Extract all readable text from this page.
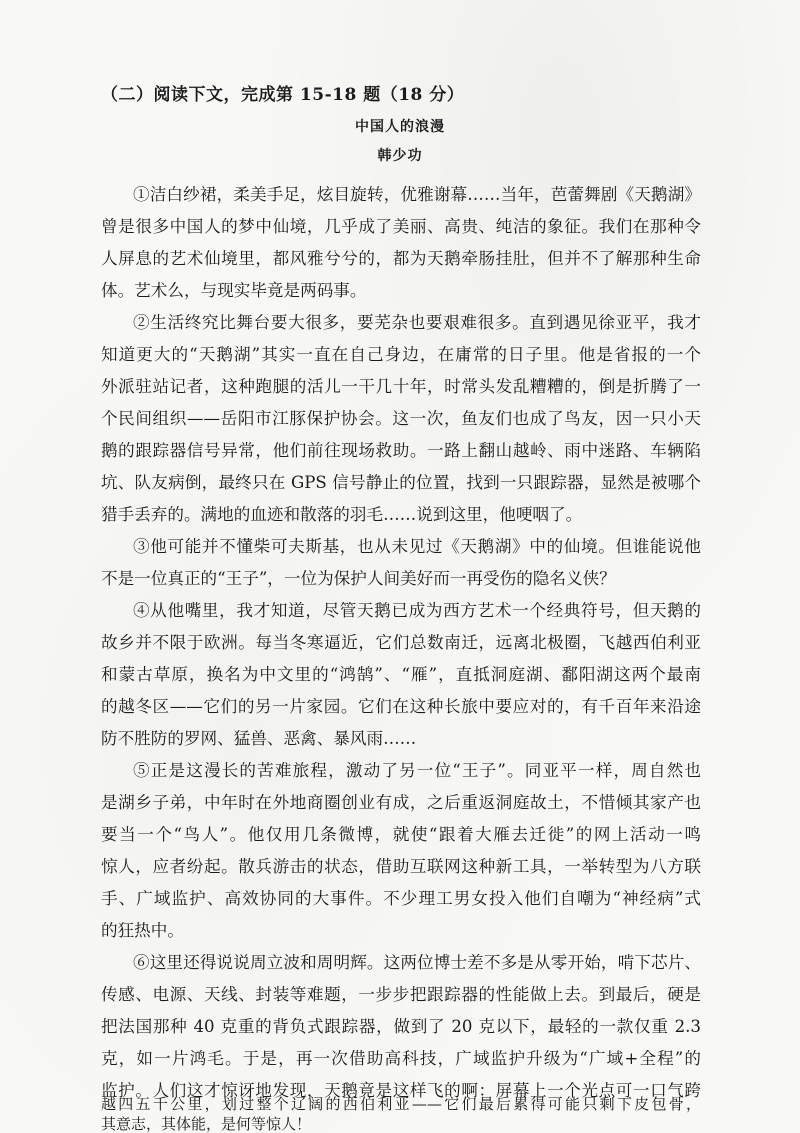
（二）阅读下文，完成第 15-18 题（18 分）
中国人的浪漫
韩少功
①洁白纱裙，柔美手足，炫目旋转，优雅谢幕……当年，芭蕾舞剧《天鹅湖》
曾是很多中国人的梦中仙境，几乎成了美丽、高贵、纯洁的象征。我们在那种令
人屏息的艺术仙境里，都风雅兮兮的，都为天鹅牵肠挂肚，但并不了解那种生命
体。艺术么，与现实毕竟是两码事。
②生活终究比舞台要大很多，要芜杂也要艰难很多。直到遇见徐亚平，我才
知道更大的“天鹅湖”其实一直在自己身边，在庸常的日子里。他是省报的一个
外派驻站记者，这种跑腿的活儿一干几十年，时常头发乱糟糟的，倒是折腾了一
个民间组织——岳阳市江豚保护协会。这一次，鱼友们也成了鸟友，因一只小天
鹅的跟踪器信号异常，他们前往现场救助。一路上翻山越岭、雨中迷路、车辆陷
坑、队友病倒，最终只在 GPS 信号静止的位置，找到一只跟踪器，显然是被哪个
猎手丢弃的。满地的血迹和散落的羽毛……说到这里，他哽咽了。
③他可能并不懂柴可夫斯基，也从未见过《天鹅湖》中的仙境。但谁能说他
不是一位真正的“王子”，一位为保护人间美好而一再受伤的隐名义侠？
④从他嘴里，我才知道，尽管天鹅已成为西方艺术一个经典符号，但天鹅的
故乡并不限于欧洲。每当冬寒逼近，它们总数南迁，远离北极圈，飞越西伯利亚
和蒙古草原，换名为中文里的“鸿鹄”、“雁”，直抵洞庭湖、鄱阳湖这两个最南
的越冬区——它们的另一片家园。它们在这种长旅中要应对的，有千百年来沿途
防不胜防的罗网、猛兽、恶禽、暴风雨……
⑤正是这漫长的苦难旅程，激动了另一位“王子”。同亚平一样，周自然也
是湖乡子弟，中年时在外地商圈创业有成，之后重返洞庭故土，不惜倾其家产也
要当一个“鸟人”。他仅用几条微博，就使“跟着大雁去迁徙”的网上活动一鸣
惊人，应者纷起。散兵游击的状态，借助互联网这种新工具，一举转型为八方联
手、广域监护、高效协同的大事件。不少理工男女投入他们自嘲为“神经病”式
的狂热中。
⑥这里还得说说周立波和周明辉。这两位博士差不多是从零开始，啃下芯片、
传感、电源、天线、封装等难题，一步步把跟踪器的性能做上去。到最后，硬是
把法国那种 40 克重的背负式跟踪器，做到了 20 克以下，最轻的一款仅重 2.3
克，如一片鸿毛。于是，再一次借助高科技，广域监护升级为“广域+全程”的
监护。人们这才惊讶地发现，天鹅竟是这样飞的啊：屏幕上一个光点可一口气跨
越四五千公里，划过整个辽阔的西伯利亚——它们最后累得可能只剩下皮包骨，
其意志，其体能，是何等惊人！
